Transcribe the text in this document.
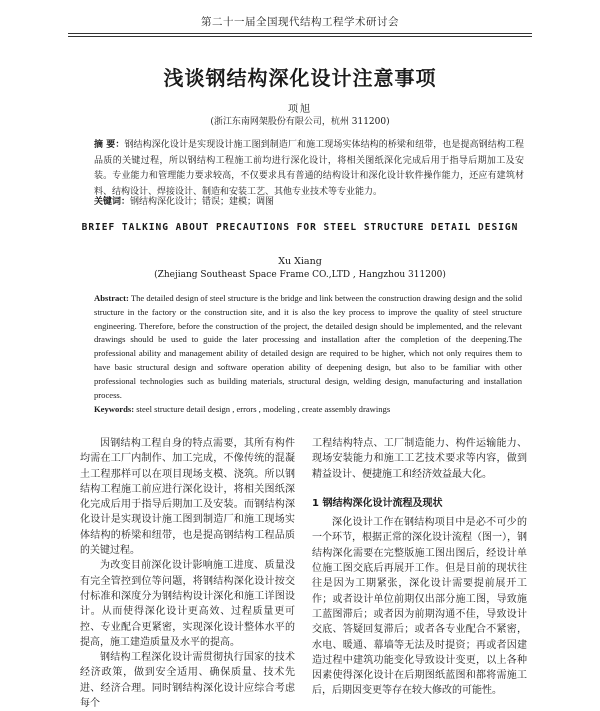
第二十一届全国现代结构工程学术研讨会
浅谈钢结构深化设计注意事项
项旭
(浙江东南网架股份有限公司，杭州 311200)
摘 要：钢结构深化设计是实现设计施工图到制造厂和施工现场实体结构的桥梁和纽带，也是提高钢结构工程品质的关键过程，所以钢结构工程施工前均进行深化设计，将相关图纸深化完成后用于指导后期加工及安装。专业能力和管理能力要求较高，不仅要求具有普通的结构设计和深化设计软件操作能力，还应有建筑材料、结构设计、焊接设计、制造和安装工艺、其他专业技术等专业能力。
关键词：钢结构深化设计；错误；建模；调图
BRIEF TALKING ABOUT PRECAUTIONS FOR STEEL STRUCTURE DETAIL DESIGN
Xu Xiang
(Zhejiang Southeast Space Frame CO.,LTD , Hangzhou 311200)
Abstract: The detailed design of steel structure is the bridge and link between the construction drawing design and the solid structure in the factory or the construction site, and it is also the key process to improve the quality of steel structure engineering. Therefore, before the construction of the project, the detailed design should be implemented, and the relevant drawings should be used to guide the later processing and installation after the completion of the deepening.The professional ability and management ability of detailed design are required to be higher, which not only requires them to have basic structural design and software operation ability of deepening design, but also to be familiar with other professional technologies such as building materials, structural design, welding design, manufacturing and installation process.
Keywords: steel structure detail design , errors , modeling , create assembly drawings

因钢结构工程自身的特点需要，其所有构件均需在工厂内制作、加工完成，不像传统的混凝土工程那样可以在项目现场支模、浇筑。所以钢结构工程施工前应进行深化设计，将相关图纸深化完成后用于指导后期加工及安装。而钢结构深化设计是实现设计施工图到制造厂和施工现场实体结构的桥梁和纽带，也是提高钢结构工程品质的关键过程。

为改变目前深化设计影响施工进度、质量没有完全管控到位等问题，将钢结构深化设计按交付标准和深度分为钢结构设计深化和施工详图设计。从而使得深化设计更高效、过程质量更可控、专业配合更紧密，实现深化设计整体水平的提高，施工建造质量及水平的提高。

钢结构工程深化设计需贯彻执行国家的技术经济政策，做到安全适用、确保质量、技术先进、经济合理。同时钢结构深化设计应综合考虑每个

工程结构特点、工厂制造能力、构件运输能力、现场安装能力和施工工艺技术要求等内容，做到精益设计、便捷施工和经济效益最大化。

1 钢结构深化设计流程及现状

深化设计工作在钢结构项目中是必不可少的一个环节，根据正常的深化设计流程（图一），钢结构深化需要在完整版施工图出图后，经设计单位施工图交底后再展开工作。但是目前的现状往往是因为工期紧张，深化设计需要提前展开工作；或者设计单位前期仅出部分施工图，导致施工蓝图滞后；或者因为前期沟通不佳，导致设计交底、答疑回复滞后；或者各专业配合不紧密，水电、暖通、幕墙等无法及时提资；再或者因建造过程中建筑功能变化导致设计变更，以上各种因素使得深化设计在后期图纸蓝图和都将需施工后，后期因变更等存在较大修改的可能性。
